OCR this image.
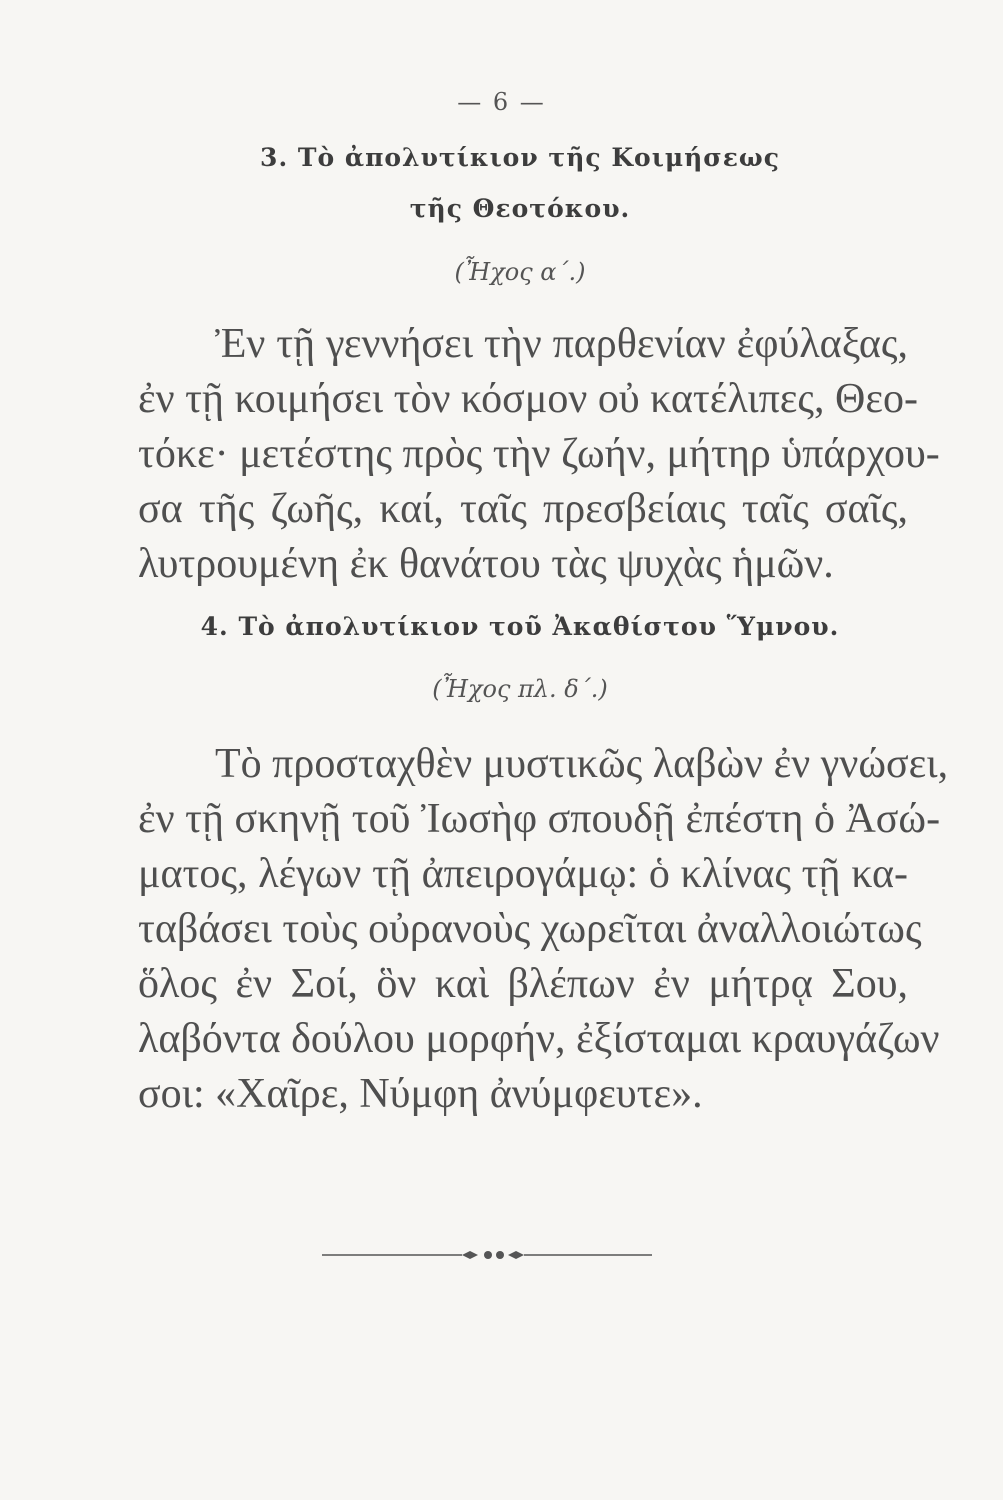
— 6 —
3. Τὸ ἀπολυτίκιον τῆς Κοιμήσεως
τῆς Θεοτόκου.
(Ἦχος α΄.)
Ἐν τῇ γεννήσει τὴν παρθενίαν ἐφύλαξας,
ἐν τῇ κοιμήσει τὸν κόσμον οὐ κατέλιπες, Θεο-
τόκε· μετέστης πρὸς τὴν ζωήν, μήτηρ ὑπάρχου-
σα τῆς ζωῆς, καί, ταῖς πρεσβείαις ταῖς σαῖς,
λυτρουμένη ἐκ θανάτου τὰς ψυχὰς ἡμῶν.
4. Τὸ ἀπολυτίκιον τοῦ Ἀκαθίστου Ὕμνου.
(Ἦχος πλ. δ΄.)
Τὸ προσταχθὲν μυστικῶς λαβὼν ἐν γνώσει,
ἐν τῇ σκηνῇ τοῦ Ἰωσὴφ σπουδῇ ἐπέστη ὁ Ἀσώ-
ματος, λέγων τῇ ἀπειρογάμῳ: ὁ κλίνας τῇ κα-
ταβάσει τοὺς οὐρανοὺς χωρεῖται ἀναλλοιώτως
ὅλος ἐν Σοί, ὃν καὶ βλέπων ἐν μήτρᾳ Σου,
λαβόντα δούλου μορφήν, ἐξίσταμαι κραυγάζων
σοι: «Χαῖρε, Νύμφη ἀνύμφευτε».
